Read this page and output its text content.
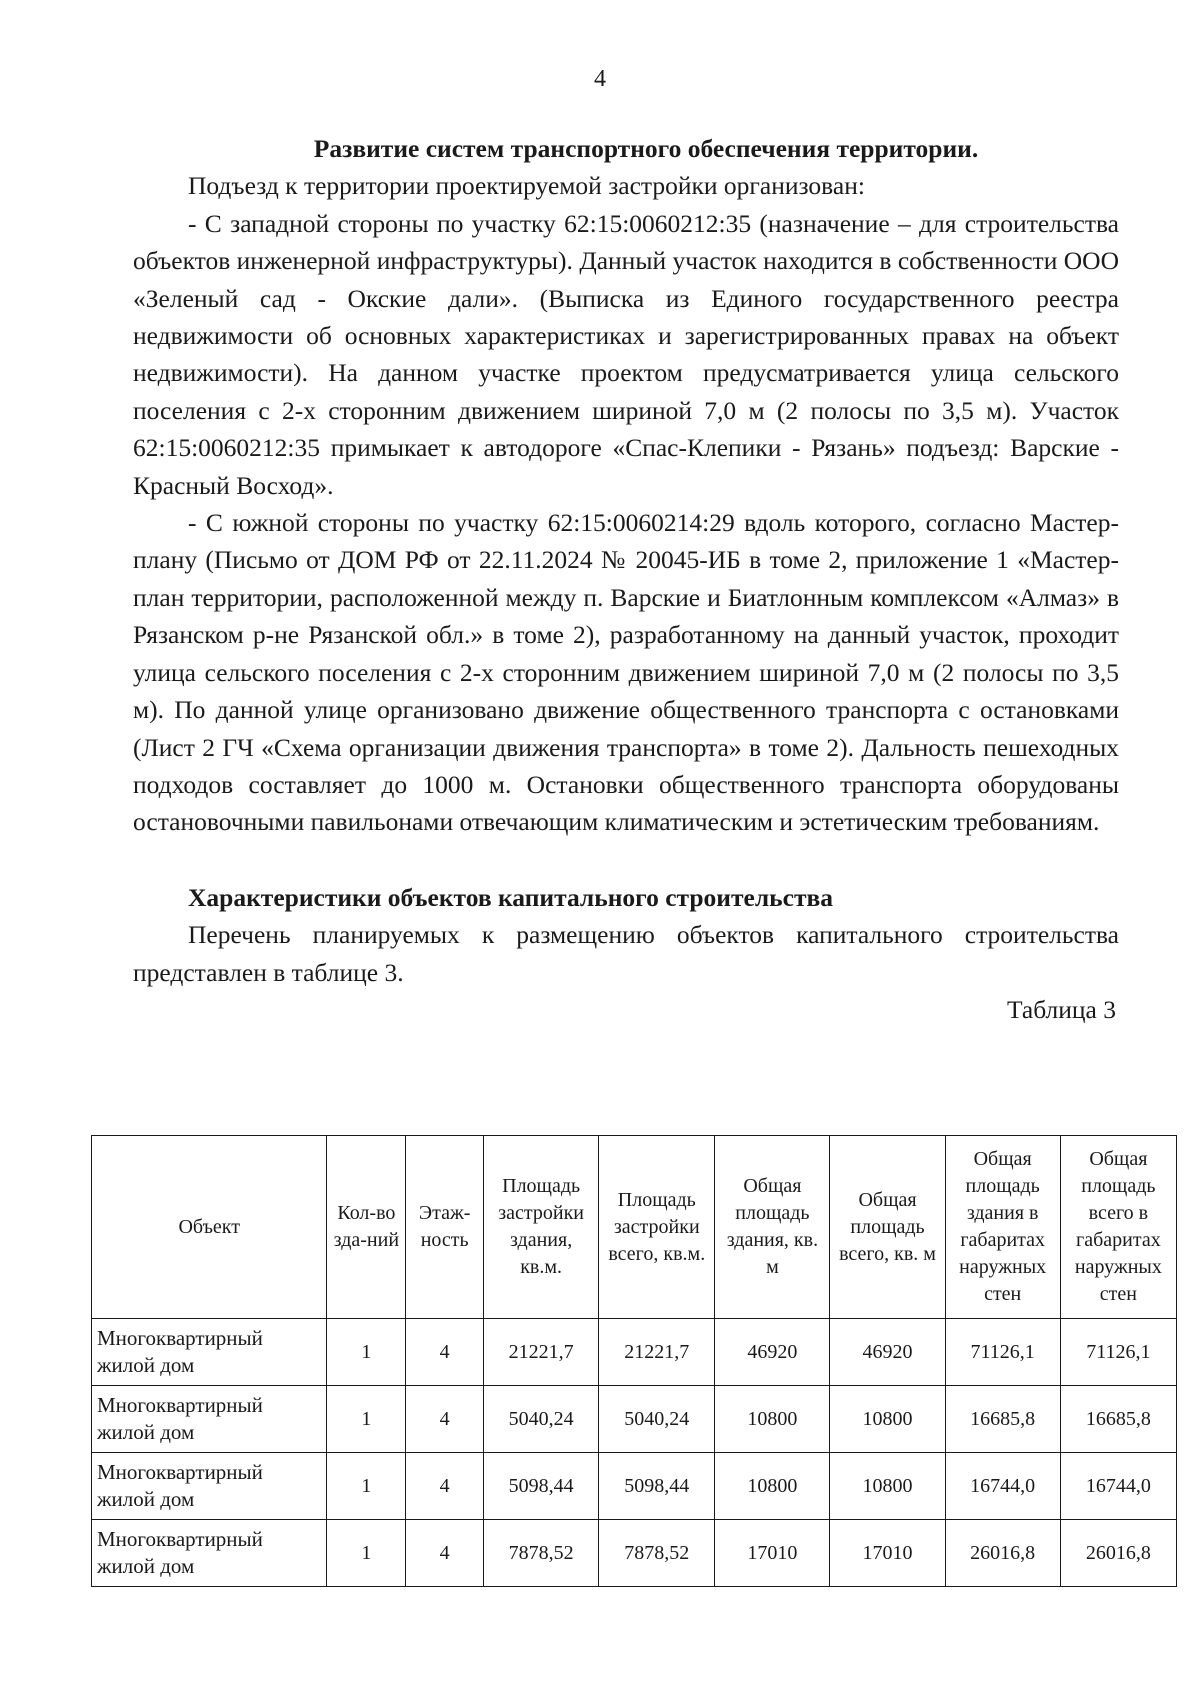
4

Развитие систем транспортного обеспечения территории.

Подъезд к территории проектируемой застройки организован:

- С западной стороны по участку 62:15:0060212:35 (назначение – для строительства объектов инженерной инфраструктуры). Данный участок находится в собственности ООО «Зеленый сад - Окские дали». (Выписка из Единого государственного реестра недвижимости об основных характеристиках и зарегистрированных правах на объект недвижимости). На данном участке проектом предусматривается улица сельского поселения с 2-х сторонним движением шириной 7,0 м (2 полосы по 3,5 м). Участок 62:15:0060212:35 примыкает к автодороге «Спас-Клепики - Рязань» подъезд: Варские - Красный Восход».

- С южной стороны по участку 62:15:0060214:29 вдоль которого, согласно Мастер-плану (Письмо от ДОМ РФ от 22.11.2024 № 20045-ИБ в томе 2, приложение 1 «Мастер-план территории, расположенной между п. Варские и Биатлонным комплексом «Алмаз» в Рязанском р-не Рязанской обл.» в томе 2), разработанному на данный участок, проходит улица сельского поселения с 2-х сторонним движением шириной 7,0 м (2 полосы по 3,5 м). По данной улице организовано движение общественного транспорта с остановками (Лист 2 ГЧ «Схема организации движения транспорта» в томе 2). Дальность пешеходных подходов составляет до 1000 м. Остановки общественного транспорта оборудованы остановочными павильонами отвечающим климатическим и эстетическим требованиям.

Характеристики объектов капитального строительства

Перечень планируемых к размещению объектов капитального строительства представлен в таблице 3.

Таблица 3

Объект	Кол-во зда-ний	Этаж-ность	Площадь застройки здания, кв.м.	Площадь застройки всего, кв.м.	Общая площадь здания, кв. м	Общая площадь всего, кв. м	Общая площадь здания в габаритах наружных стен	Общая площадь всего в габаритах наружных стен
Многоквартирный жилой дом	1	4	21221,7	21221,7	46920	46920	71126,1	71126,1
Многоквартирный жилой дом	1	4	5040,24	5040,24	10800	10800	16685,8	16685,8
Многоквартирный жилой дом	1	4	5098,44	5098,44	10800	10800	16744,0	16744,0
Многоквартирный жилой дом	1	4	7878,52	7878,52	17010	17010	26016,8	26016,8
